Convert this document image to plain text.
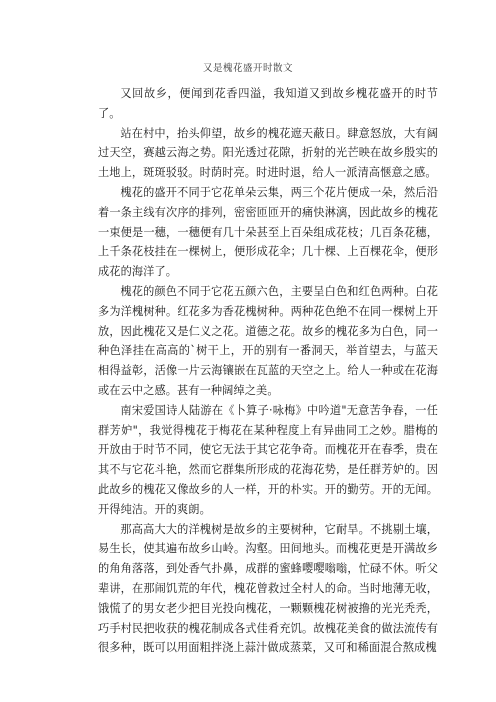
又是槐花盛开时散文

又回故乡，便闻到花香四溢，我知道又到故乡槐花盛开的时节了。

站在村中，抬头仰望，故乡的槐花遮天蔽日。肆意怒放，大有阔过天空，赛越云海之势。阳光透过花隙，折射的光芒映在故乡殷实的土地上，斑斑驳驳。时荫时亮。时进时退，给人一派清高惬意之感。

槐花的盛开不同于它花单朵云集，两三个花片便成一朵，然后沿着一条主线有次序的排列，密密匝匝开的痛快淋漓，因此故乡的槐花一束便是一穗，一穗便有几十朵甚至上百朵组成花枝；几百条花穗，上千条花枝挂在一棵树上，便形成花伞；几十棵、上百棵花伞，便形成花的海洋了。

槐花的颜色不同于它花五颜六色，主要呈白色和红色两种。白花多为洋槐树种。红花多为香花槐树种。两种花色绝不在同一棵树上开放，因此槐花又是仁义之花。道德之花。故乡的槐花多为白色，同一种色泽挂在高高的`树干上，开的别有一番洞天，举首望去，与蓝天相得益彰，活像一片云海镶嵌在瓦蓝的天空之上。给人一种或在花海或在云中之感。甚有一种阔绰之美。

南宋爱国诗人陆游在《卜算子·咏梅》中吟道"无意苦争春，一任群芳妒"，我觉得槐花于梅花在某种程度上有异曲同工之妙。腊梅的开放由于时节不同，使它无法于其它花争奇。而槐花开在春季，贵在其不与它花斗艳，然而它群集所形成的花海花势，是任群芳妒的。因此故乡的槐花又像故乡的人一样，开的朴实。开的勤劳。开的无闻。开得纯洁。开的爽朗。

那高高大大的洋槐树是故乡的主要树种，它耐旱。不挑剔土壤，易生长，使其遍布故乡山岭。沟壑。田间地头。而槐花更是开满故乡的角角落落，到处香气扑鼻，成群的蜜蜂嘤嘤嗡嗡，忙碌不休。听父辈讲，在那闹饥荒的年代，槐花曾救过全村人的命。当时地薄无收，饿慌了的男女老少把目光投向槐花，一颗颗槐花树被撸的光光秃秃，巧手村民把收获的槐花制成各式佳肴充饥。故槐花美食的做法流传有很多种，既可以用面粗拌浇上蒜汁做成蒸菜，又可和稀面混合熬成槐
